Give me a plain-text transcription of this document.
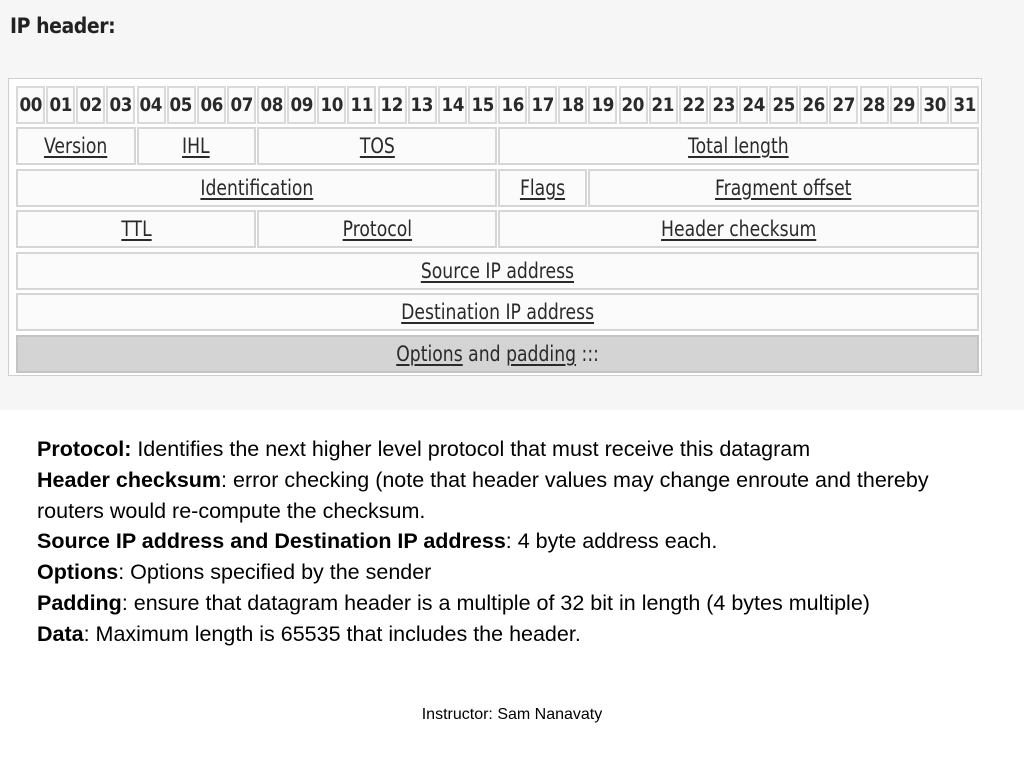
IP header:
00 01 02 03 04 05 06 07 08 09 10 11 12 13 14 15 16 17 18 19 20 21 22 23 24 25 26 27 28 29 30 31
Version	IHL	TOS	Total length
Identification	Flags	Fragment offset
TTL	Protocol	Header checksum
Source IP address
Destination IP address
Options and padding :::

Protocol: Identifies the next higher level protocol that must receive this datagram

Header checksum: error checking (note that header values may change enroute and thereby routers would re-compute the checksum.

Source IP address and Destination IP address: 4 byte address each.

Options: Options specified by the sender

Padding: ensure that datagram header is a multiple of 32 bit in length (4 bytes multiple)

Data: Maximum length is 65535 that includes the header.

Instructor: Sam Nanavaty
